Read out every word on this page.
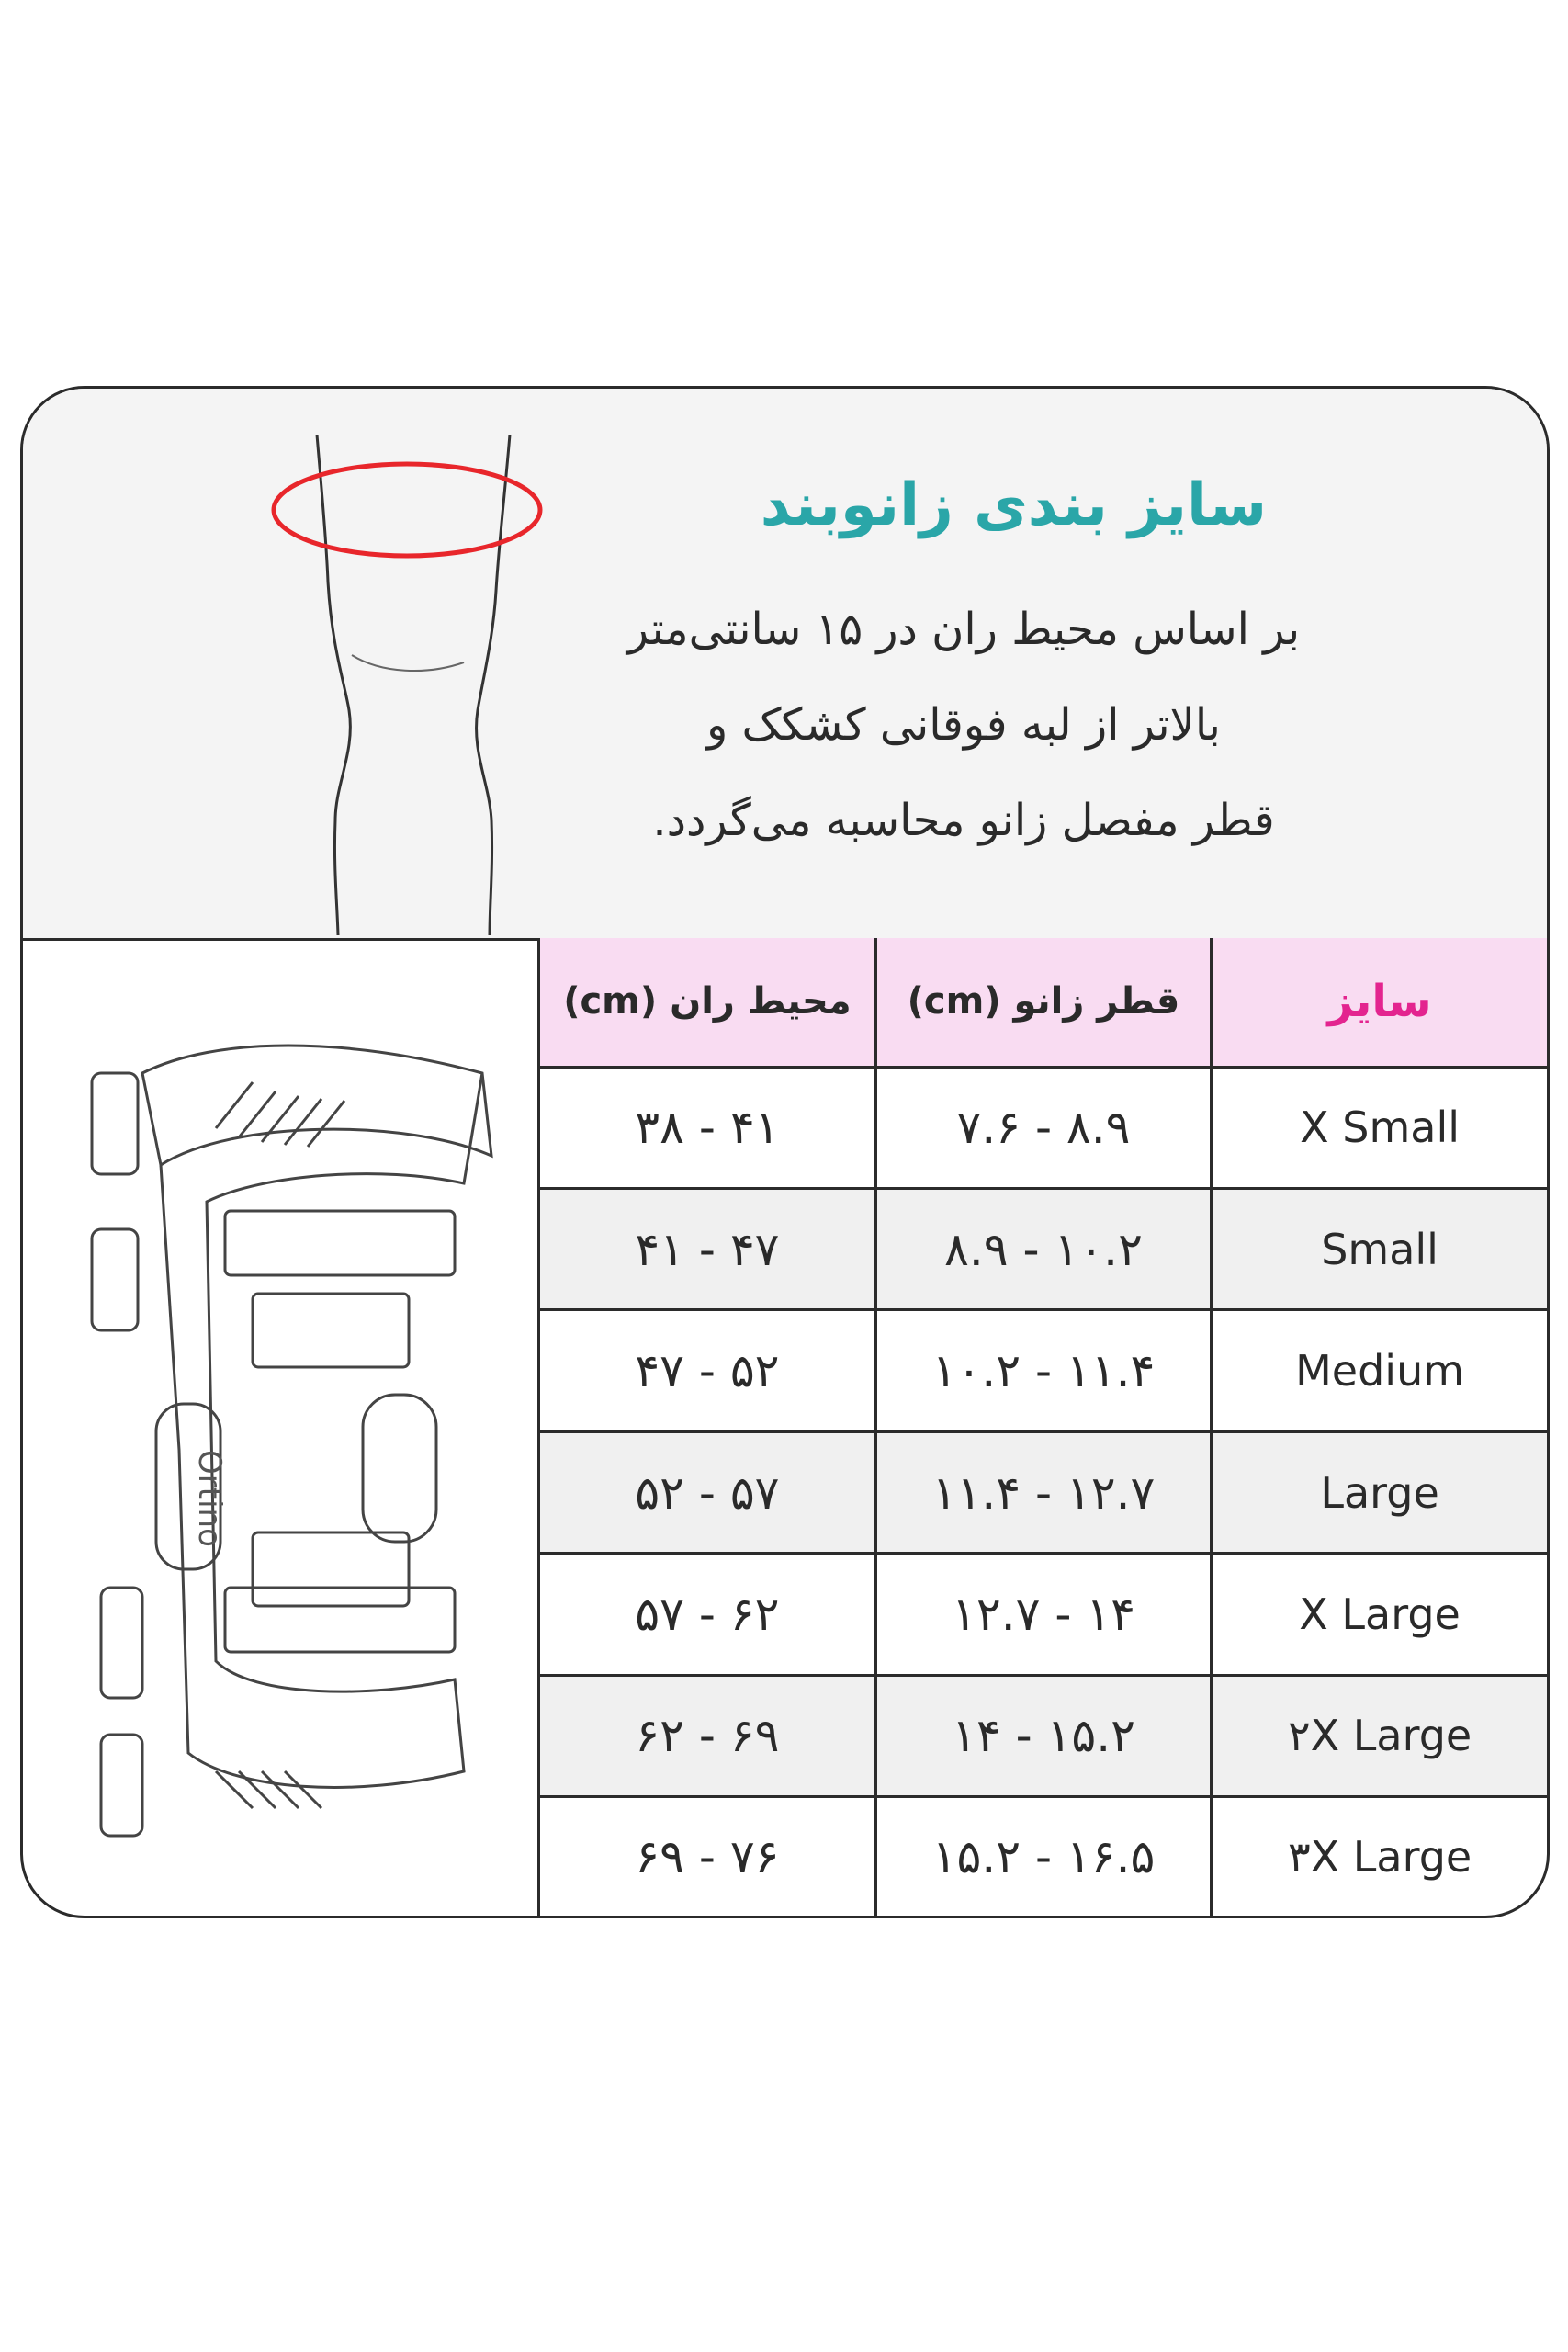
سایز بندی زانوبند
بر اساس محیط ران در ۱۵ سانتی‌متر
بالاتر از لبه فوقانی کشکک و
قطر مفصل زانو محاسبه می‌گردد.
Ortino
محیط ران (cm)	قطر زانو (cm)	سایز
۳۸ - ۴۱	۷.۶ - ۸.۹	X Small
۴۱ - ۴۷	۸.۹ - ۱۰.۲	Small
۴۷ - ۵۲	۱۰.۲ - ۱۱.۴	Medium
۵۲ - ۵۷	۱۱.۴ - ۱۲.۷	Large
۵۷ - ۶۲	۱۲.۷ - ۱۴	X Large
۶۲ - ۶۹	۱۴ - ۱۵.۲	۲X Large
۶۹ - ۷۶	۱۵.۲ - ۱۶.۵	۳X Large
